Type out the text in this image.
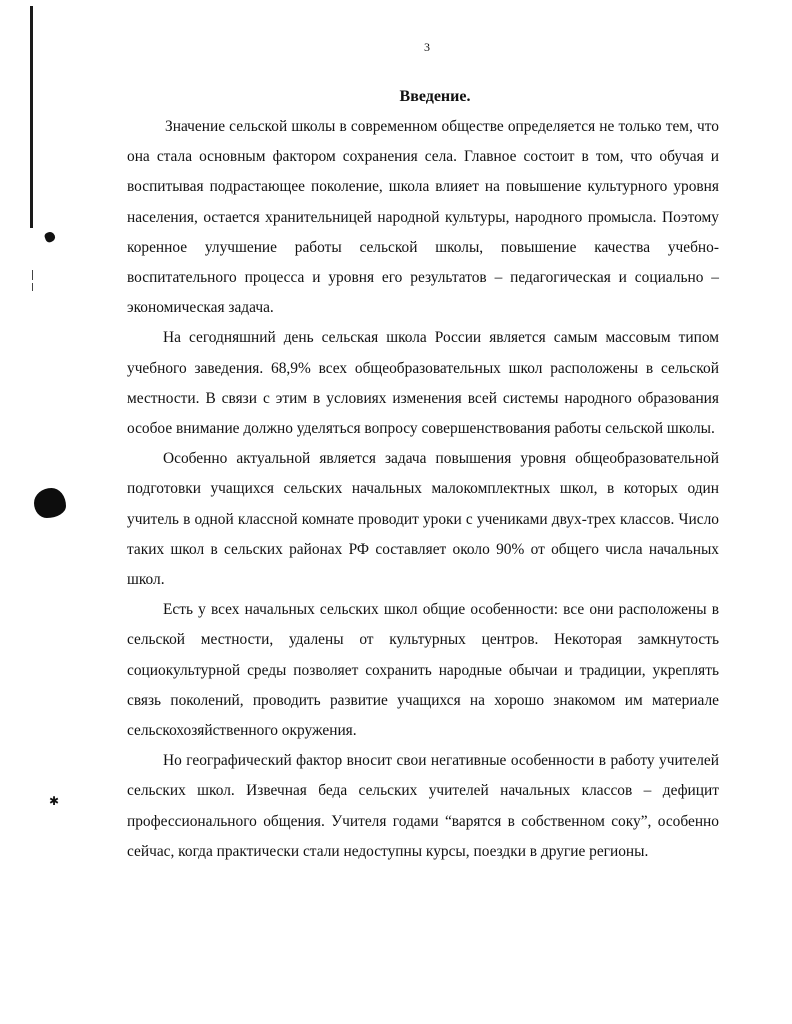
✱
3
Введение.

Значение сельской школы в современном обществе определяется не только тем, что она стала основным фактором сохранения села. Главное состоит в том, что обучая и воспитывая подрастающее поколение, школа влияет на повышение культурного уровня населения, остается хранительницей народной культуры, народного промысла. Поэтому коренное улучшение работы сельской школы, повышение качества учебно-воспитательного процесса и уровня его результатов – педагогическая и социально – экономическая задача.

На сегодняшний день сельская школа России является самым массовым типом учебного заведения. 68,9% всех общеобразовательных школ расположены в сельской местности. В связи с этим в условиях изменения всей системы народного образования особое внимание должно уделяться вопросу совершенствования работы сельской школы.

Особенно актуальной является задача повышения уровня общеобразовательной подготовки учащихся сельских начальных малокомплектных школ, в которых один учитель в одной классной комнате проводит уроки с учениками двух-трех классов. Число таких школ в сельских районах РФ составляет около 90% от общего числа начальных школ.

Есть у всех начальных сельских школ общие особенности: все они расположены в сельской местности, удалены от культурных центров. Некоторая замкнутость социокультурной среды позволяет сохранить народные обычаи и традиции, укреплять связь поколений, проводить развитие учащихся на хорошо знакомом им материале сельскохозяйственного окружения.

Но географический фактор вносит свои негативные особенности в работу учителей сельских школ. Извечная беда сельских учителей начальных классов – дефицит профессионального общения. Учителя годами “варятся в собственном соку”, особенно сейчас, когда практически стали недоступны курсы, поездки в другие регионы.
